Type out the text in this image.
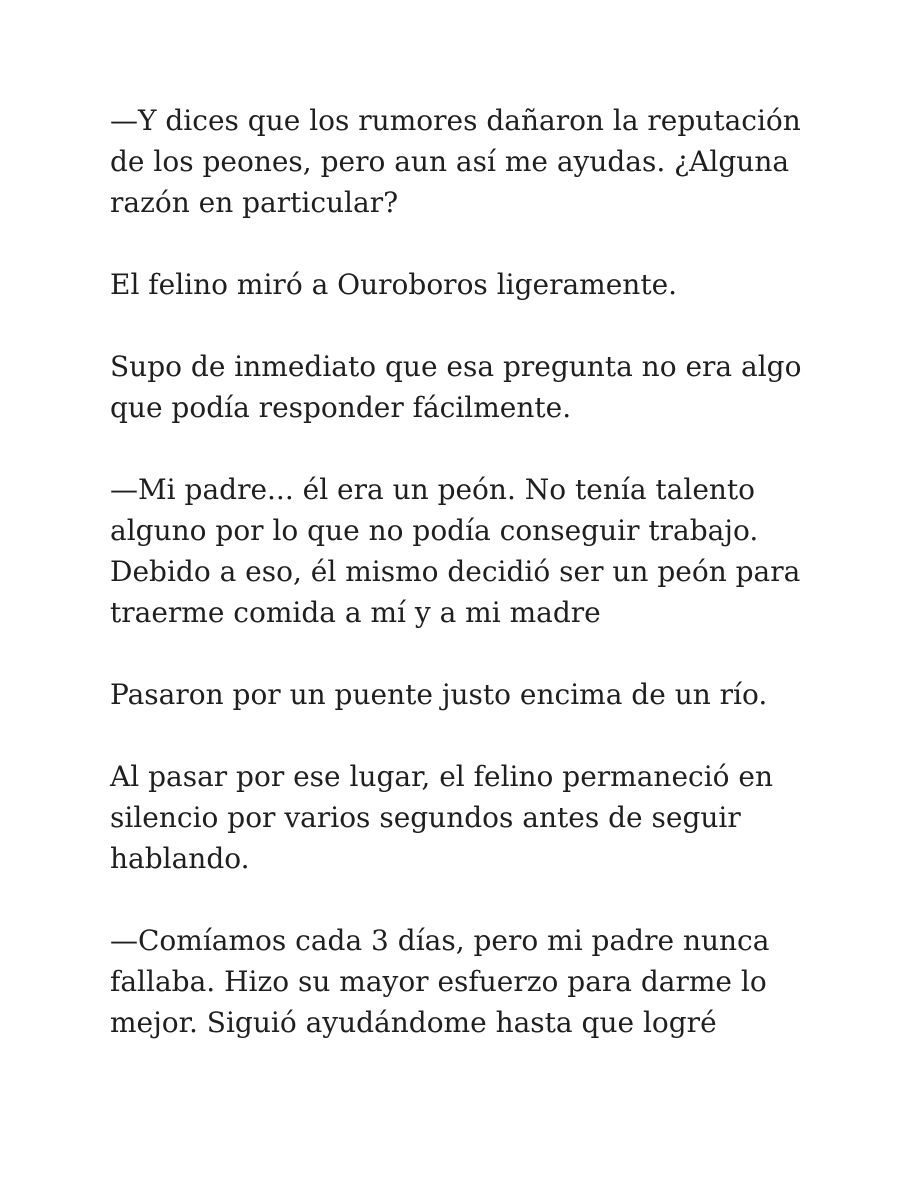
—Y dices que los rumores dañaron la reputación
de los peones, pero aun así me ayudas. ¿Alguna
razón en particular?

El felino miró a Ouroboros ligeramente.

Supo de inmediato que esa pregunta no era algo
que podía responder fácilmente.

—Mi padre... él era un peón. No tenía talento
alguno por lo que no podía conseguir trabajo.
Debido a eso, él mismo decidió ser un peón para
traerme comida a mí y a mi madre

Pasaron por un puente justo encima de un río.

Al pasar por ese lugar, el felino permaneció en
silencio por varios segundos antes de seguir
hablando.

—Comíamos cada 3 días, pero mi padre nunca
fallaba. Hizo su mayor esfuerzo para darme lo
mejor. Siguió ayudándome hasta que logré
